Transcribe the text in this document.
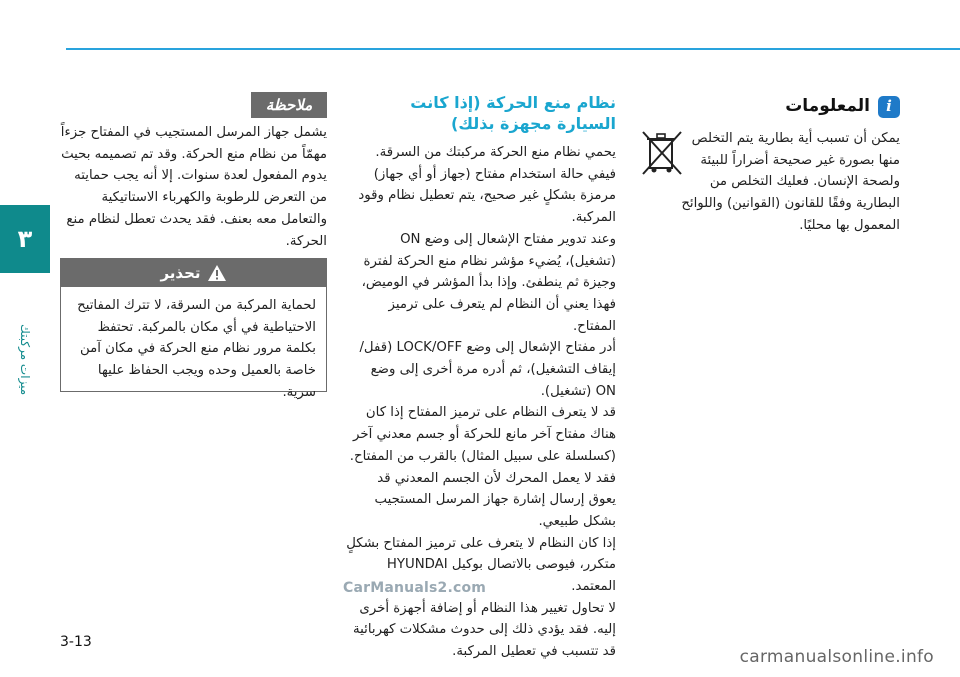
٣
ميزات مركبتك
i
المعلومات
يمكن أن تسبب أية بطارية يتم التخلص منها بصورة غير صحيحة أضراراً للبيئة ولصحة الإنسان. فعليك التخلص من البطارية وفقًا للقانون (القوانين) واللوائح المعمول بها محليًا.
نظام منع الحركة (إذا كانت السيارة مجهزة بذلك)
يحمي نظام منع الحركة مركبتك من السرقة. فيفي حالة استخدام مفتاح (جهاز أو أي جهاز) مرمزة بشكلٍ غير صحيح، يتم تعطيل نظام وقود المركبة.
وعند تدوير مفتاح الإشعال إلى وضع ON (تشغيل)، يُضيء مؤشر نظام منع الحركة لفترة وجيزة ثم ينطفئ. وإذا بدأ المؤشر في الوميض، فهذا يعني أن النظام لم يتعرف على ترميز المفتاح.
أدر مفتاح الإشعال إلى وضع LOCK/OFF (قفل/ إيقاف التشغيل)، ثم أدره مرة أخرى إلى وضع ON (تشغيل).
قد لا يتعرف النظام على ترميز المفتاح إذا كان هناك مفتاح آخر مانع للحركة أو جسم معدني آخر (كسلسلة على سبيل المثال) بالقرب من المفتاح. فقد لا يعمل المحرك لأن الجسم المعدني قد يعوق إرسال إشارة جهاز المرسل المستجيب بشكل طبيعي.
إذا كان النظام لا يتعرف على ترميز المفتاح بشكلٍ متكرر، فيوصى بالاتصال بوكيل HYUNDAI المعتمد.
لا تحاول تغيير هذا النظام أو إضافة أجهزة أخرى إليه. فقد يؤدي ذلك إلى حدوث مشكلات كهربائية قد تتسبب في تعطيل المركبة.
ملاحظة
يشمل جهاز المرسل المستجيب في المفتاح جزءاً مهمّاً من نظام منع الحركة. وقد تم تصميمه بحيث يدوم المفعول لعدة سنوات. إلا أنه يجب حمايته من التعرض للرطوبة والكهرباء الاستاتيكية والتعامل معه بعنف. فقد يحدث تعطل لنظام منع الحركة.
تحذير
لحماية المركبة من السرقة، لا تترك المفاتيح الاحتياطية في أي مكان بالمركبة. تحتفظ بكلمة مرور نظام منع الحركة في مكان آمن خاصة بالعميل وحده ويجب الحفاظ عليها سرية.
CarManuals2.com
3-13
carmanualsonline.info
